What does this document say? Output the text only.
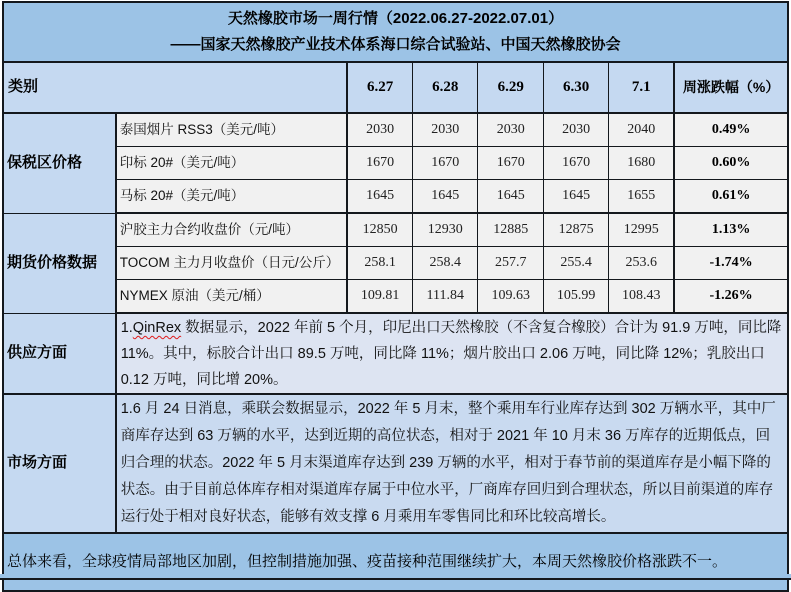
天然橡胶市场一周行情（2022.06.27-2022.07.01）
——国家天然橡胶产业技术体系海口综合试验站、中国天然橡胶协会							

类别		6.27	6.28	6.29	6.30	7.1	周涨跌幅（%）
保税区价格	泰国烟片 RSS3（美元/吨）	2030	2030	2030	2030	2040	0.49%
	印标 20#（美元/吨）	1670	1670	1670	1670	1680	0.60%
	马标 20#（美元/吨）	1645	1645	1645	1645	1655	0.61%
期货价格数据	沪胶主力合约收盘价（元/吨）	12850	12930	12885	12875	12995	1.13%
	TOCOM 主力月收盘价（日元/公斤）	258.1	258.4	257.7	255.4	253.6	-1.74%
	NYMEX 原油（美元/桶）	109.81	111.84	109.63	105.99	108.43	-1.26%
供应方面	1.QinRex 数据显示，2022 年前 5 个月，印尼出口天然橡胶（不含复合橡胶）合计为 91.9 万吨，同比降 11%。其中，标胶合计出口 89.5 万吨，同比降 11%；烟片胶出口 2.06 万吨，同比降 12%；乳胶出口 0.12 万吨，同比增 20%。						
市场方面	1.6 月 24 日消息，乘联会数据显示，2022 年 5 月末，整个乘用车行业库存达到 302 万辆水平，其中厂商库存达到 63 万辆的水平，达到近期的高位状态，相对于 2021 年 10 月末 36 万库存的近期低点，回归合理的状态。2022 年 5 月末渠道库存达到 239 万辆的水平，相对于春节前的渠道库存是小幅下降的状态。由于目前总体库存相对渠道库存属于中位水平，厂商库存回归到合理状态，所以目前渠道的库存运行处于相对良好状态，能够有效支撑 6 月乘用车零售同比和环比较高增长。						
总体来看，全球疫情局部地区加剧，但控制措施加强、疫苗接种范围继续扩大，本周天然橡胶价格涨跌不一。							
